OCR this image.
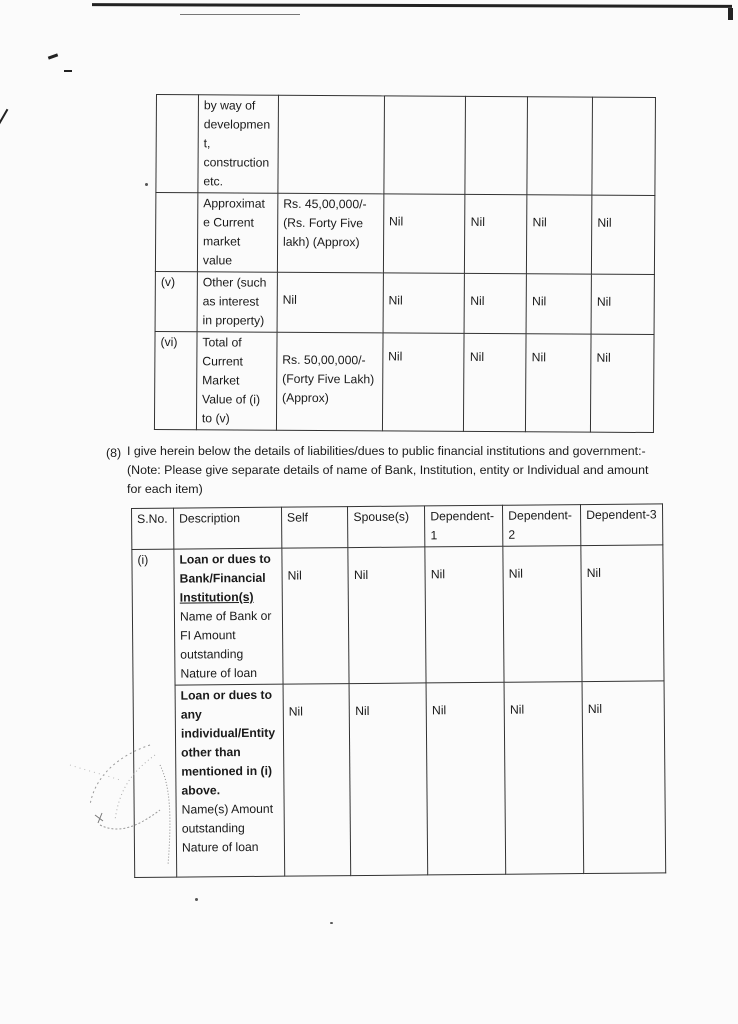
	by way of developmen t, construction etc.					
	Approximat e Current market value	Rs. 45,00,000/- (Rs. Forty Five lakh) (Approx)	Nil	Nil	Nil	Nil
(v)	Other (such as interest in property)	Nil	Nil	Nil	Nil	Nil
(vi)	Total of Current Market Value of (i) to (v)	Rs. 50,00,000/- (Forty Five Lakh) (Approx)	Nil	Nil	Nil	Nil
(8) I give herein below the details of liabilities/dues to public financial institutions and government:-
(Note: Please give separate details of name of Bank, Institution, entity or Individual and amount
for each item)
S.No.	Description	Self	Spouse(s)	Dependent-1	Dependent-2	Dependent-3
(i)	Loan or dues to Bank/Financial
Institution(s)
Name of Bank or FI Amount outstanding Nature of loan	Nil	Nil	Nil	Nil	Nil
	Loan or dues to any individual/Entity other than mentioned in (i) above.
Name(s) Amount outstanding Nature of loan	Nil	Nil	Nil	Nil	Nil
